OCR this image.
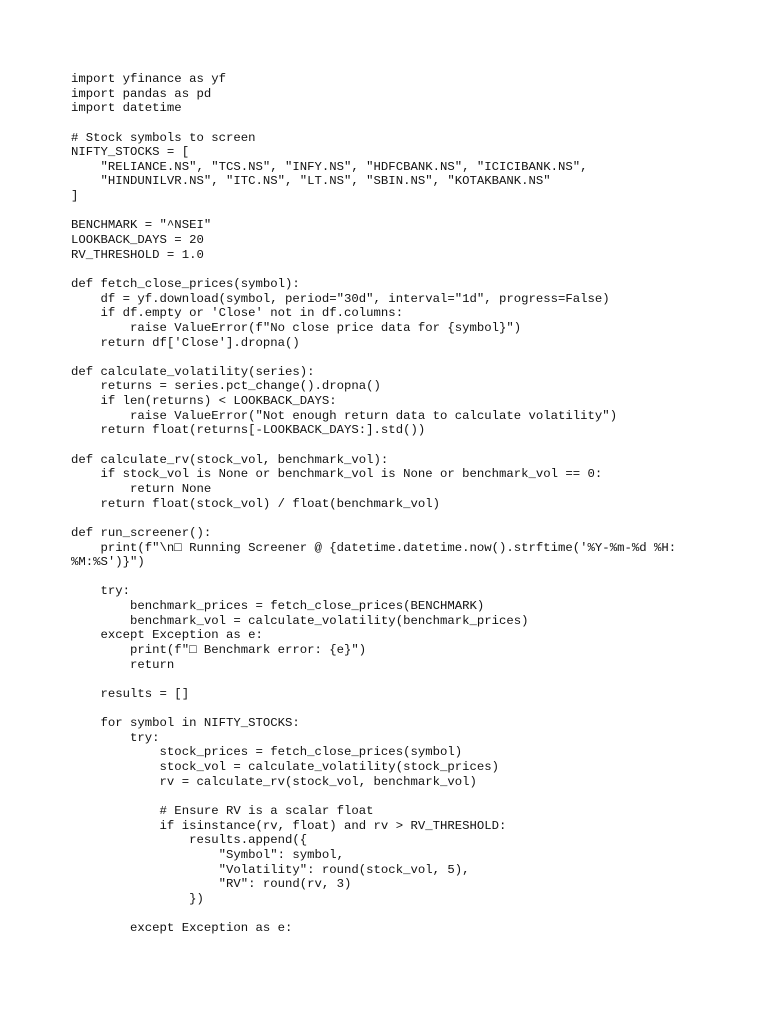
import yfinance as yf
import pandas as pd
import datetime
# Stock symbols to screen
NIFTY_STOCKS = [
"RELIANCE.NS", "TCS.NS", "INFY.NS", "HDFCBANK.NS", "ICICIBANK.NS",
"HINDUNILVR.NS", "ITC.NS", "LT.NS", "SBIN.NS", "KOTAKBANK.NS"
]
BENCHMARK = "^NSEI"
LOOKBACK_DAYS = 20
RV_THRESHOLD = 1.0
def fetch_close_prices(symbol):
df = yf.download(symbol, period="30d", interval="1d", progress=False)
if df.empty or 'Close' not in df.columns:
raise ValueError(f"No close price data for {symbol}")
return df['Close'].dropna()
def calculate_volatility(series):
returns = series.pct_change().dropna()
if len(returns) < LOOKBACK_DAYS:
raise ValueError("Not enough return data to calculate volatility")
return float(returns[-LOOKBACK_DAYS:].std())
def calculate_rv(stock_vol, benchmark_vol):
if stock_vol is None or benchmark_vol is None or benchmark_vol == 0:
return None
return float(stock_vol) / float(benchmark_vol)
def run_screener():
print(f"\n□ Running Screener @ {datetime.datetime.now().strftime('%Y-%m-%d %H:
%M:%S')}")
try:
benchmark_prices = fetch_close_prices(BENCHMARK)
benchmark_vol = calculate_volatility(benchmark_prices)
except Exception as e:
print(f"□ Benchmark error: {e}")
return
results = []
for symbol in NIFTY_STOCKS:
try:
stock_prices = fetch_close_prices(symbol)
stock_vol = calculate_volatility(stock_prices)
rv = calculate_rv(stock_vol, benchmark_vol)
# Ensure RV is a scalar float
if isinstance(rv, float) and rv > RV_THRESHOLD:
results.append({
"Symbol": symbol,
"Volatility": round(stock_vol, 5),
"RV": round(rv, 3)
})
except Exception as e:
